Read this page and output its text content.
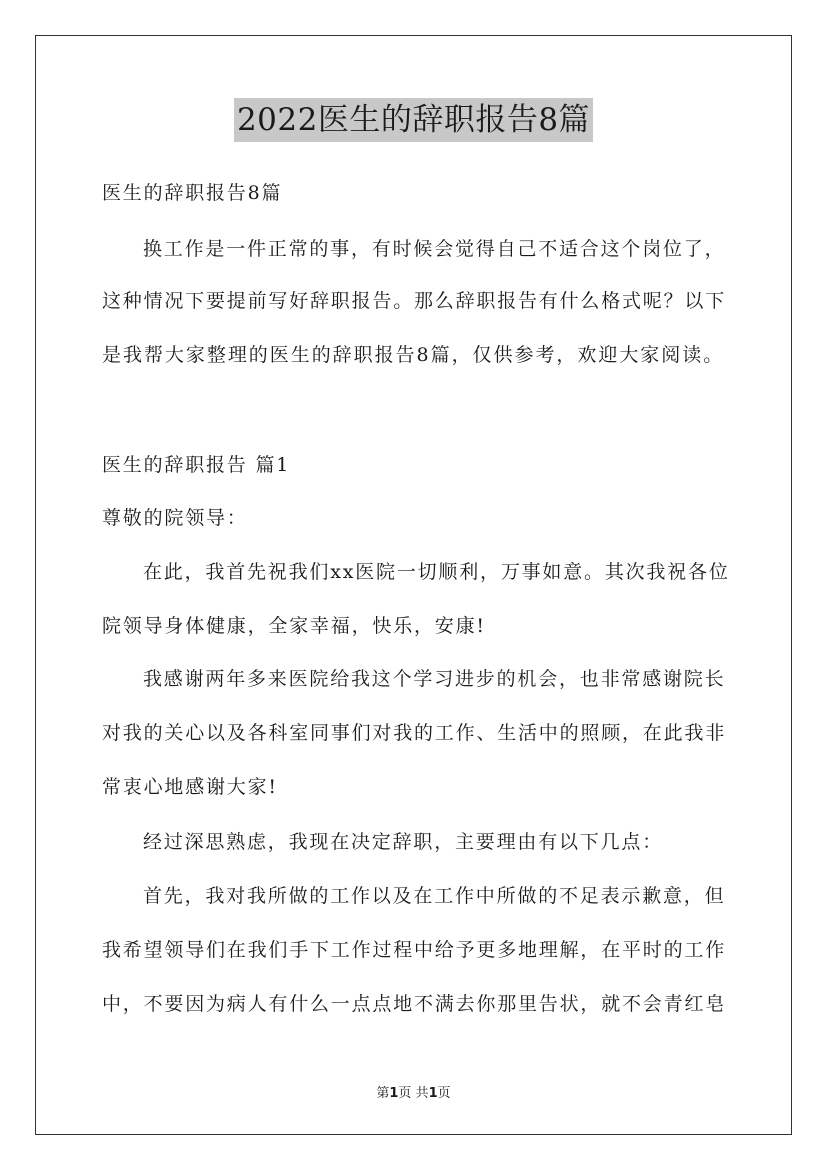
2022医生的辞职报告8篇
医生的辞职报告8篇
换工作是一件正常的事，有时候会觉得自己不适合这个岗位了，
这种情况下要提前写好辞职报告。那么辞职报告有什么格式呢？以下
是我帮大家整理的医生的辞职报告8篇，仅供参考，欢迎大家阅读。
医生的辞职报告 篇1
尊敬的院领导：
在此，我首先祝我们xx医院一切顺利，万事如意。其次我祝各位
院领导身体健康，全家幸福，快乐，安康!
我感谢两年多来医院给我这个学习进步的机会，也非常感谢院长
对我的关心以及各科室同事们对我的工作、生活中的照顾，在此我非
常衷心地感谢大家!
经过深思熟虑，我现在决定辞职，主要理由有以下几点：
首先，我对我所做的工作以及在工作中所做的不足表示歉意，但
我希望领导们在我们手下工作过程中给予更多地理解，在平时的工作
中，不要因为病人有什么一点点地不满去你那里告状，就不会青红皂
第1页 共1页
